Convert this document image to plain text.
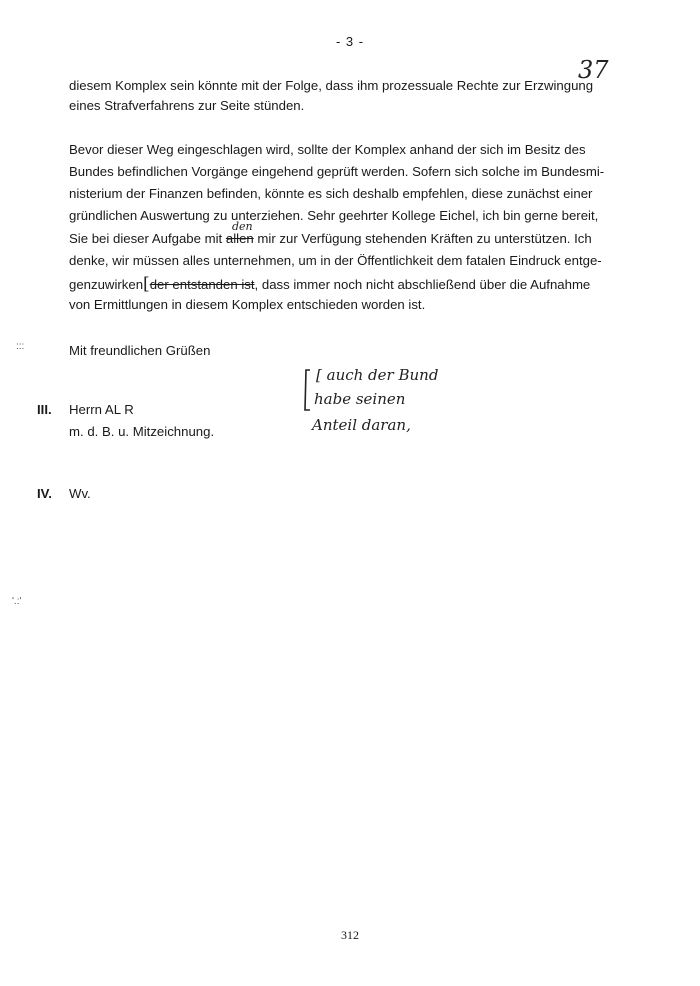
- 3 -
37
diesem Komplex sein könnte mit der Folge, dass ihm prozessuale Rechte zur Erzwingung
eines Strafverfahrens zur Seite stünden.
Bevor dieser Weg eingeschlagen wird, sollte der Komplex anhand der sich im Besitz des
Bundes befindlichen Vorgänge eingehend geprüft werden. Sofern sich solche im Bundesmi-
nisterium der Finanzen befinden, könnte es sich deshalb empfehlen, diese zunächst einer
gründlichen Auswertung zu unterziehen. Sehr geehrter Kollege Eichel, ich bin gerne bereit,
Sie bei dieser Aufgabe mit allen mir zur Verfügung stehenden Kräften zu unterstützen. Ich
den
denke, wir müssen alles unternehmen, um in der Öffentlichkeit dem fatalen Eindruck entge-
genzuwirken[der entstanden ist, dass immer noch nicht abschließend über die Aufnahme
von Ermittlungen in diesem Komplex entschieden worden ist.
Mit freundlichen Grüßen
[ auch der Bund
habe seinen
Anteil daran,
III. Herrn AL R
m. d. B. u. Mitzeichnung.
IV. Wv.
:::
'.:'
312
